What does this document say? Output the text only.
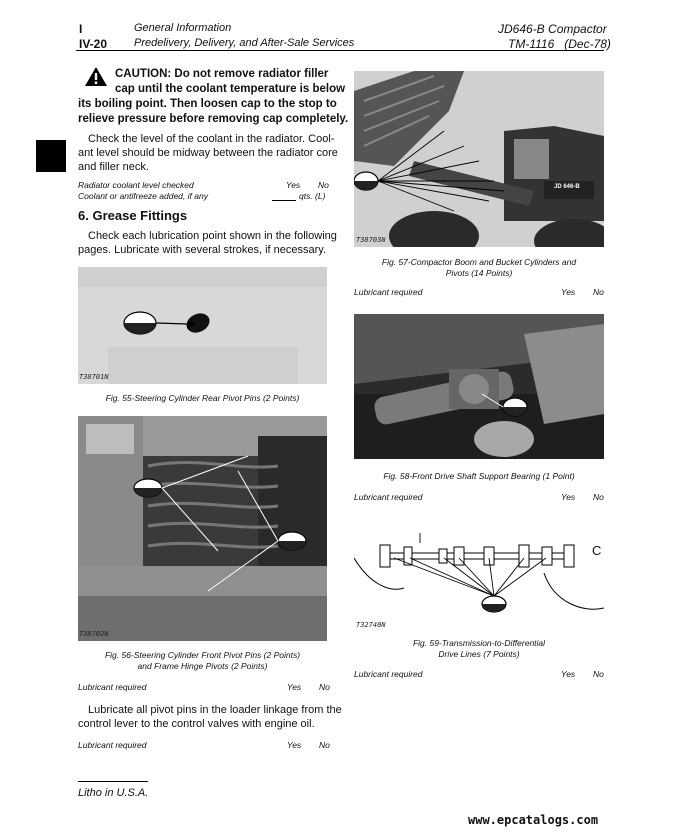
I
IV-20
General Information
Predelivery, Delivery, and After-Sale Services
JD646-B Compactor
TM-1116   (Dec-78)
CAUTION: Do not remove radiator filler
cap until the coolant temperature is below
its boiling point. Then loosen cap to the stop to
relieve pressure before removing cap completely.
Check the level of the coolant in the radiator. Cool-
ant level should be midway between the radiator core
and filler neck.
Radiator coolant level checked	Yes No
Coolant or antifreeze added, if any	qts. (L)
6. Grease Fittings
Check each lubrication point shown in the following
pages. Lubricate with several strokes, if necessary.
T38701N
Fig. 55-Steering Cylinder Rear Pivot Pins (2 Points)
T38702N
Fig. 56-Steering Cylinder Front Pivot Pins (2 Points)
and Frame Hinge Pivots (2 Points)
Lubricant required	Yes No
Lubricate all pivot pins in the loader linkage from the
control lever to the control valves with engine oil.
Lubricant required	Yes No
Litho in U.S.A.
www.epcatalogs.com
JD 646-B
T38703N
Fig. 57-Compactor Boom and Bucket Cylinders and
Pivots (14 Points)
Lubricant required	Yes No
T32093WY
Fig. 58-Front Drive Shaft Support Bearing (1 Point)
Lubricant required	Yes No
C
T32740N
Fig. 59-Transmission-to-Differential
Drive Lines (7 Points)
Lubricant required	Yes No
